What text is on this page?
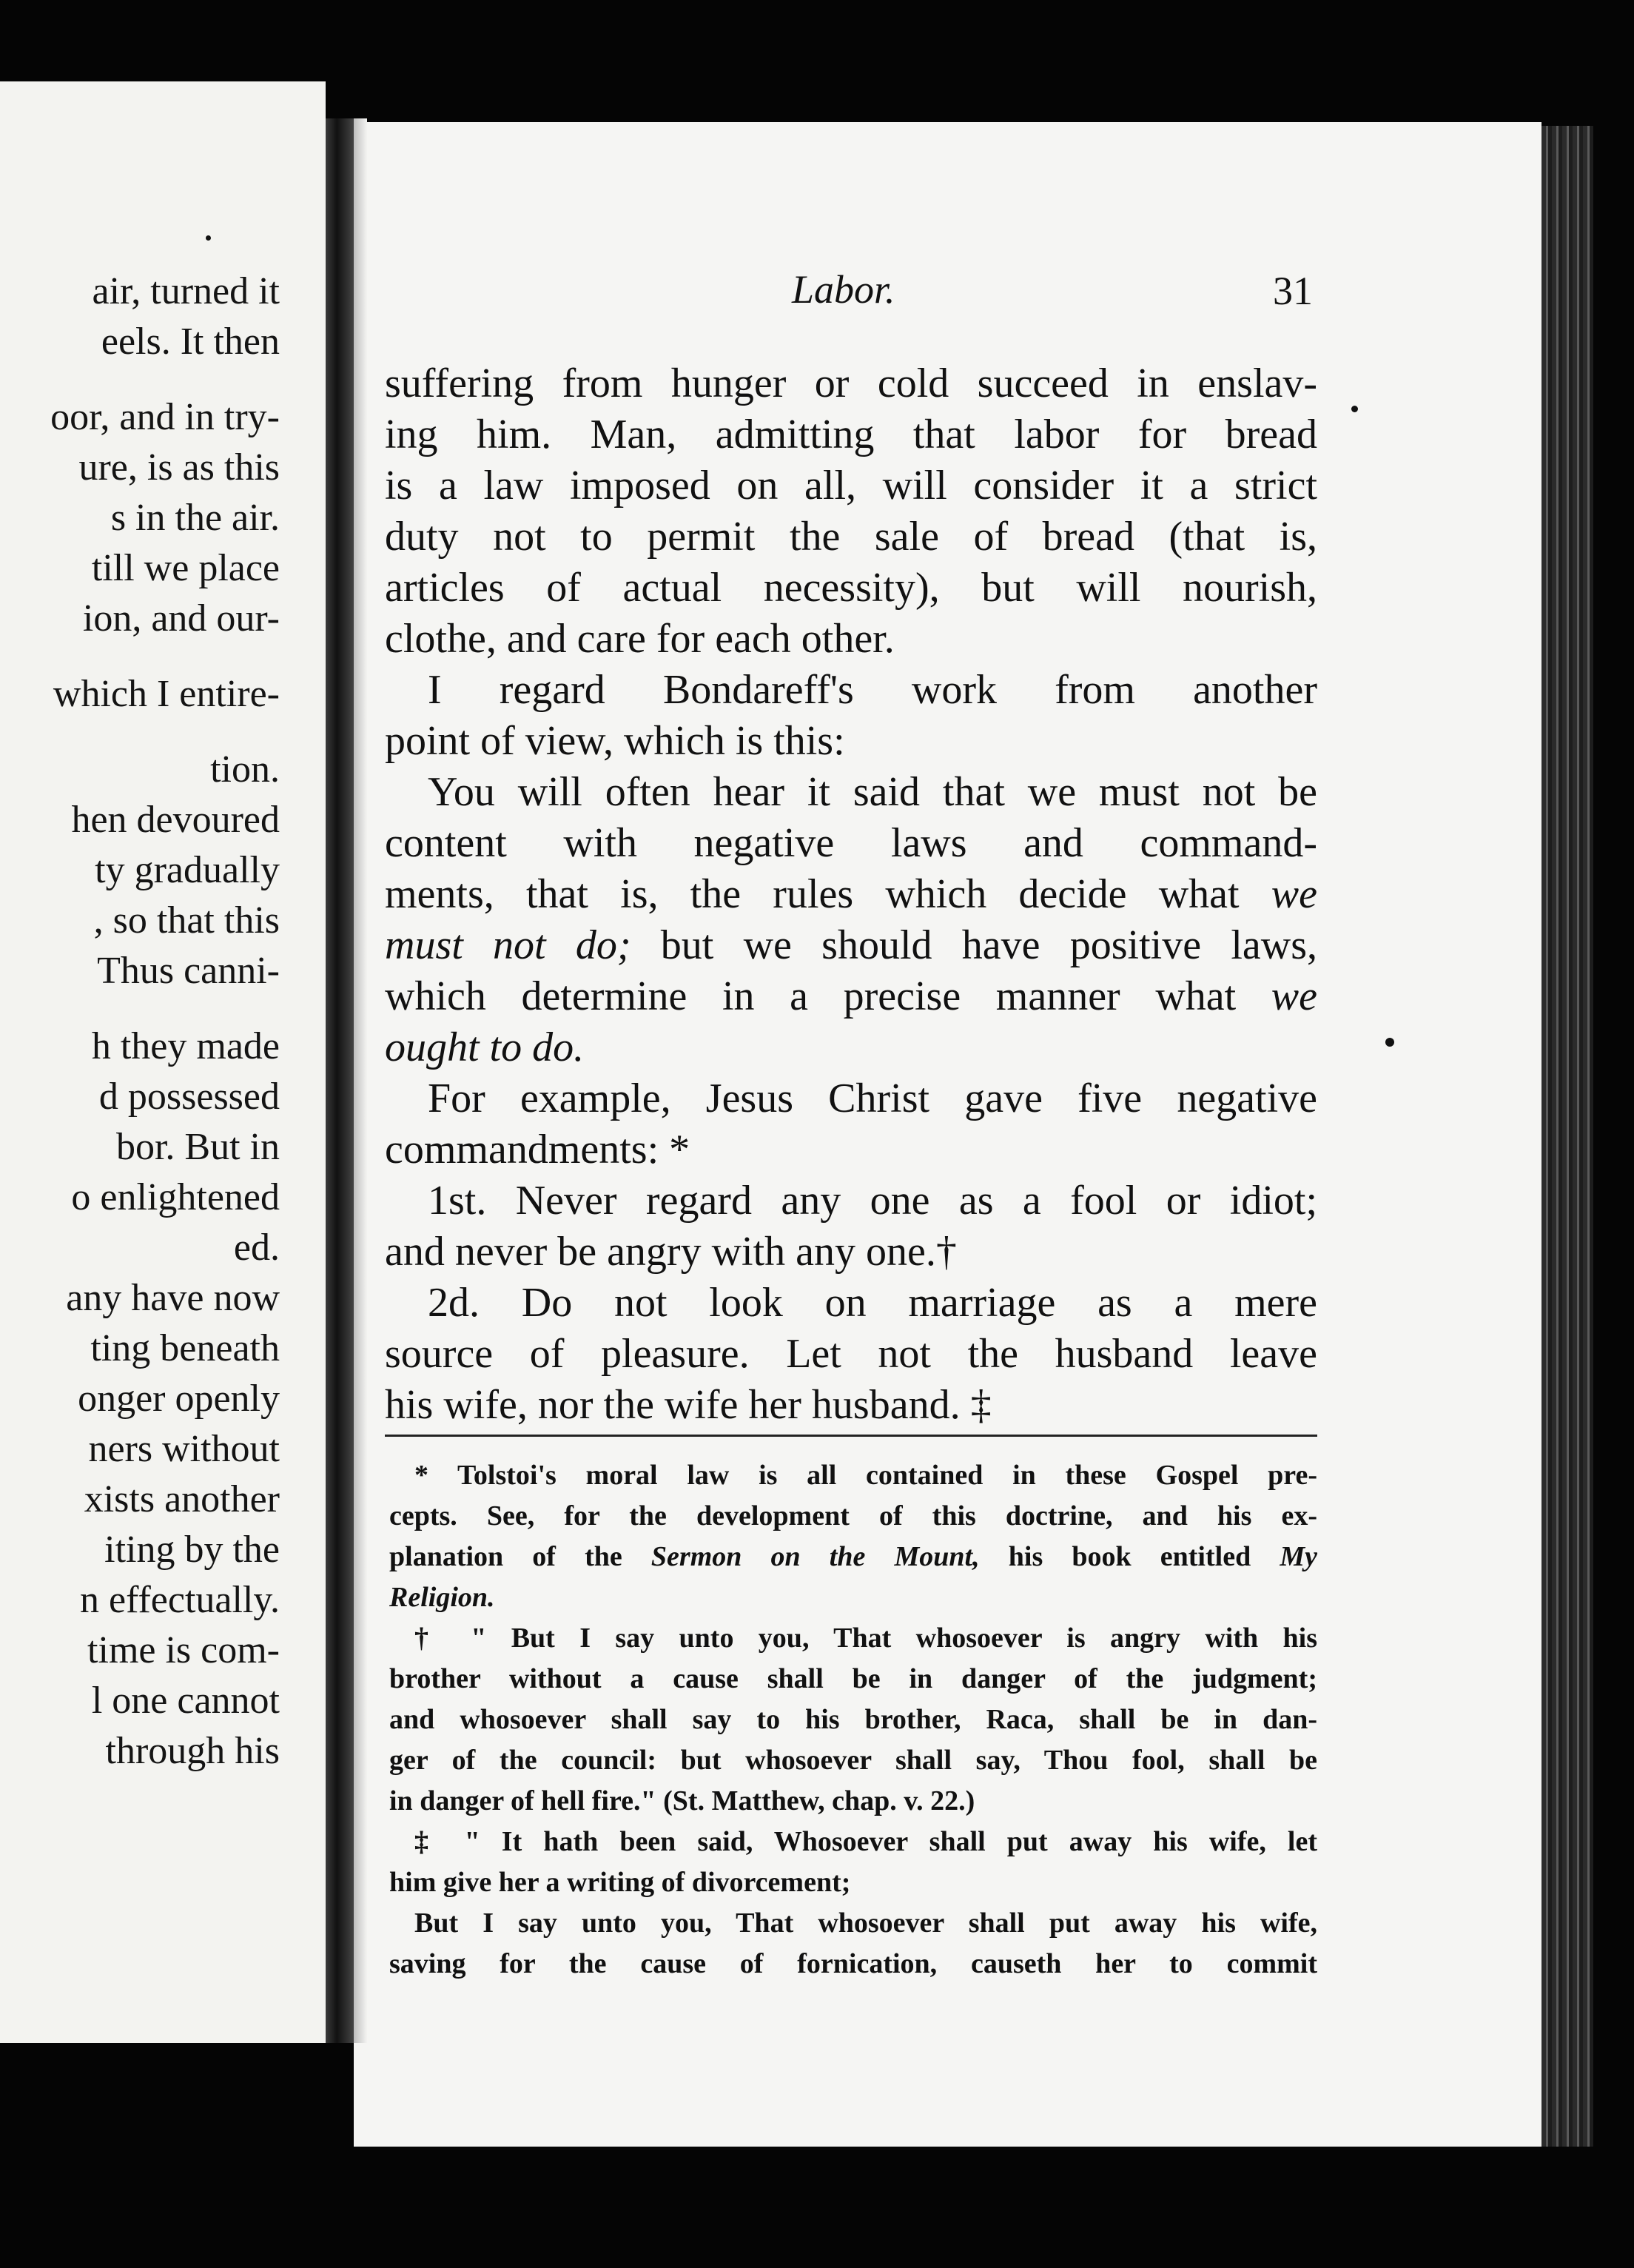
air, turned it
eels. It then
oor, and in try-
ure, is as this
s in the air.
till we place
ion, and our-
which I entire-
tion.
hen devoured
ty gradually
, so that this
Thus canni-
h they made
d possessed
bor. But in
o enlightened
ed.
any have now
ting beneath
onger openly
ners without
xists another
iting by the
n effectually.
time is com-
l one cannot
through his
Labor.	31
suffering from hunger or cold succeed in enslav-
ing him. Man, admitting that labor for bread
is a law imposed on all, will consider it a strict
duty not to permit the sale of bread (that is,
articles of actual necessity), but will nourish,
clothe, and care for each other.
I regard Bondareff's work from another
point of view, which is this:
You will often hear it said that we must not be
content with negative laws and command-
ments, that is, the rules which decide what we
must not do; but we should have positive laws,
which determine in a precise manner what we
ought to do.
For example, Jesus Christ gave five negative
commandments: *
1st. Never regard any one as a fool or idiot;
and never be angry with any one.†
2d. Do not look on marriage as a mere
source of pleasure. Let not the husband leave
his wife, nor the wife her husband. ‡
* Tolstoi's moral law is all contained in these Gospel pre-
cepts. See, for the development of this doctrine, and his ex-
planation of the Sermon on the Mount, his book entitled My
Religion.
† " But I say unto you, That whosoever is angry with his
brother without a cause shall be in danger of the judgment;
and whosoever shall say to his brother, Raca, shall be in dan-
ger of the council: but whosoever shall say, Thou fool, shall be
in danger of hell fire." (St. Matthew, chap. v. 22.)
‡ " It hath been said, Whosoever shall put away his wife, let
him give her a writing of divorcement;
But I say unto you, That whosoever shall put away his wife,
saving for the cause of fornication, causeth her to commit
